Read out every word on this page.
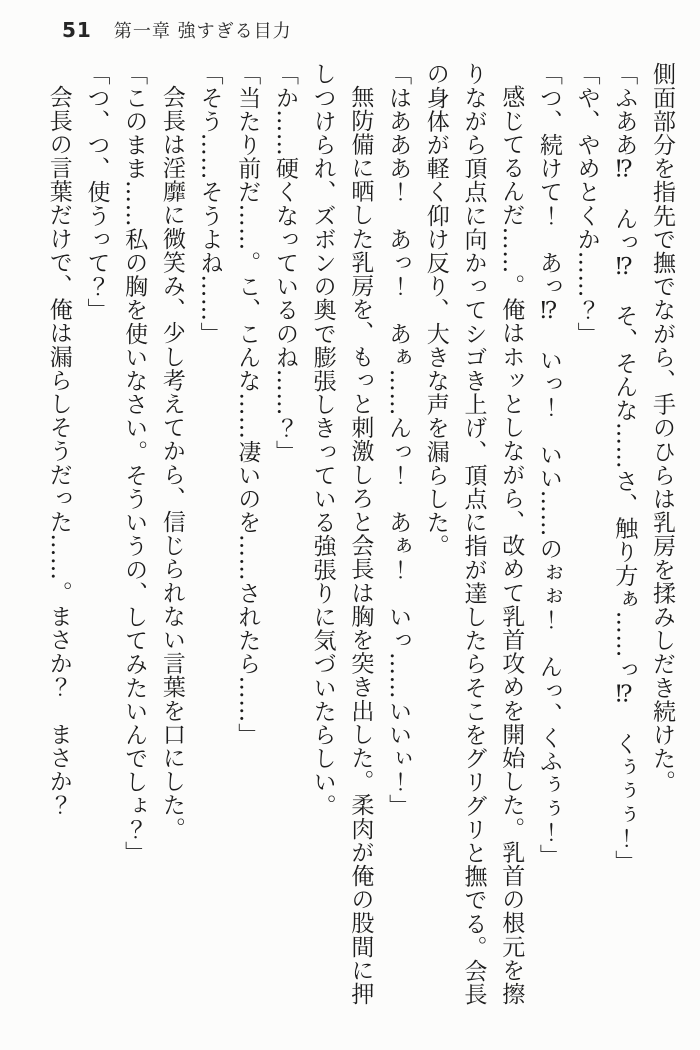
51 第一章 強すぎる目力

側面部分を指先で撫でながら、手のひらは乳房を揉みしだき続けた。

「ふああ⁉　んっ⁉　そ、そんな……さ、触り方ぁ……っ⁉　くぅぅぅ！」

「や、やめとくか……？」

「つ、続けて！　あっ⁉　いっ！　いい……のぉぉ！　んっ、くふぅぅ！」

感じてるんだ……。俺はホッとしながら、改めて乳首攻めを開始した。乳首の根元を擦りながら頂点に向かってシゴき上げ、頂点に指が達したらそこをグリグリと撫でる。会長の身体が軽く仰け反り、大きな声を漏らした。

「はあああ！　あっ！　あぁ……んっ！　あぁ！　いっ……いいぃ！」

無防備に晒した乳房を、もっと刺激しろと会長は胸を突き出した。柔肉が俺の股間に押しつけられ、ズボンの奥で膨張しきっている強張りに気づいたらしい。

「か……硬くなっているのね……？」

「当たり前だ……。こ、こんな……凄いのを……されたら……」

「そう……そうよね……」

会長は淫靡に微笑み、少し考えてから、信じられない言葉を口にした。

「このまま……私の胸を使いなさい。そういうの、してみたいんでしょ？」

「つ、つ、使うって？」

会長の言葉だけで、俺は漏らしそうだった……。まさか？　まさか？
